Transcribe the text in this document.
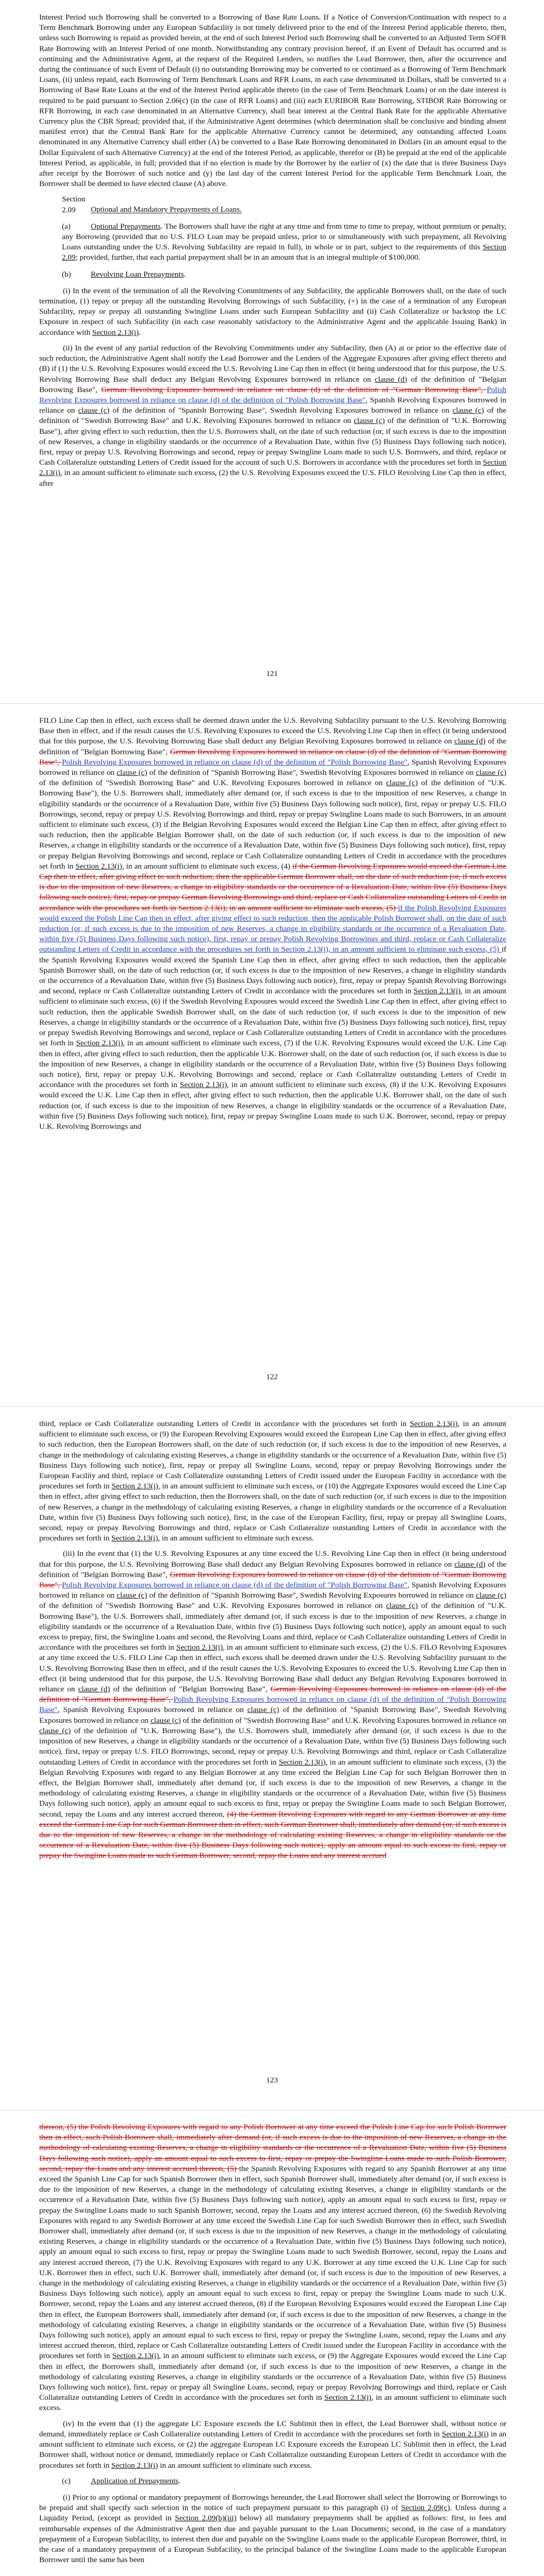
Interest Period such Borrowing shall be converted to a Borrowing of Base Rate Loans. If a Notice of Conversion/Continuation with respect to a Term Benchmark Borrowing under any European Subfacility is not timely delivered prior to the end of the Interest Period applicable thereto, then, unless such Borrowing is repaid as provided herein, at the end of such Interest Period such Borrowing shall be converted to an Adjusted Term SOFR Rate Borrowing with an Interest Period of one month. Notwithstanding any contrary provision hereof, if an Event of Default has occurred and is continuing and the Administrative Agent, at the request of the Required Lenders, so notifies the Lead Borrower, then, after the occurrence and during the continuance of such Event of Default (i) no outstanding Borrowing may be converted to or continued as a Borrowing of Term Benchmark Loans, (ii) unless repaid, each Borrowing of Term Benchmark Loans and RFR Loans, in each case denominated in Dollars, shall be converted to a Borrowing of Base Rate Loans at the end of the Interest Period applicable thereto (in the case of Term Benchmark Loans) or on the date interest is required to be paid pursuant to Section 2.06(c) (in the case of RFR Loans) and (iii) each EURIBOR Rate Borrowing, STIBOR Rate Borrowing or RFR Borrowing, in each case denominated in an Alternative Currency, shall bear interest at the Central Bank Rate for the applicable Alternative Currency plus the CBR Spread; provided that, if the Administrative Agent determines (which determination shall be conclusive and binding absent manifest error) that the Central Bank Rate for the applicable Alternative Currency cannot be determined, any outstanding affected Loans denominated in any Alternative Currency shall either (A) be converted to a Base Rate Borrowing denominated in Dollars (in an amount equal to the Dollar Equivalent of such Alternative Currency) at the end of the Interest Period, as applicable, therefor or (B) be prepaid at the end of the applicable Interest Period, as applicable, in full; provided that if no election is made by the Borrower by the earlier of (x) the date that is three Business Days after receipt by the Borrower of such notice and (y) the last day of the current Interest Period for the applicable Term Benchmark Loan, the Borrower shall be deemed to have elected clause (A) above.

Section 2.09 Optional and Mandatory Prepayments of Loans.

(a)	Optional Prepayments. The Borrowers shall have the right at any time and from time to time to prepay, without premium or penalty, any Borrowing (provided that no U.S. FILO Loan may be prepaid unless, prior to or simultaneously with such prepayment, all Revolving Loans outstanding under the U.S. Revolving Subfacility are repaid in full), in whole or in part, subject to the requirements of this Section 2.09; provided, further, that each partial prepayment shall be in an amount that is an integral multiple of $100,000.

(b)	Revolving Loan Prepayments.

(i) In the event of the termination of all the Revolving Commitments of any Subfacility, the applicable Borrowers shall, on the date of such termination, (1) repay or prepay all the outstanding Revolving Borrowings of such Subfacility, (+) in the case of a termination of any European Subfacility, repay or prepay all outstanding Swingline Loans under such European Subfacility and (ii) Cash Collateralize or backstop the LC Exposure in respect of such Subfacility (in each case reasonably satisfactory to the Administrative Agent and the applicable Issuing Bank) in accordance with Section 2.13(i).

(ii) In the event of any partial reduction of the Revolving Commitments under any Subfacility, then (A) at or prior to the effective date of such reduction, the Administrative Agent shall notify the Lead Borrower and the Lenders of the Aggregate Exposures after giving effect thereto and (B) if (1) the U.S. Revolving Exposures would exceed the U.S. Revolving Line Cap then in effect (it being understood that for this purpose, the U.S. Revolving Borrowing Base shall deduct any Belgian Revolving Exposures borrowed in reliance on clause (d) of the definition of "Belgian Borrowing Base", German Revolving Exposures borrowed in reliance on clause (d) of the definition of "German Borrowing Base", Polish Revolving Exposures borrowed in reliance on clause (d) of the definition of "Polish Borrowing Base", Spanish Revolving Exposures borrowed in reliance on clause (c) of the definition of "Spanish Borrowing Base", Swedish Revolving Exposures borrowed in reliance on clause (c) of the definition of "Swedish Borrowing Base" and U.K. Revolving Exposures borrowed in reliance on clause (c) of the definition of "U.K. Borrowing Base"), after giving effect to such reduction, then the U.S. Borrowers shall, on the date of such reduction (or, if such excess is due to the imposition of new Reserves, a change in eligibility standards or the occurrence of a Revaluation Date, within five (5) Business Days following such notice), first, repay or prepay U.S. Revolving Borrowings and second, repay or prepay Swingline Loans made to such U.S. Borrowers, and third, replace or Cash Collateralize outstanding Letters of Credit issued for the account of such U.S. Borrowers in accordance with the procedures set forth in Section 2.13(i), in an amount sufficient to eliminate such excess, (2) the U.S. Revolving Exposures exceed the U.S. FILO Revolving Line Cap then in effect, after

121

FILO Line Cap then in effect, such excess shall be deemed drawn under the U.S. Revolving Subfacility pursuant to the U.S. Revolving Borrowing Base then in effect, and if the result causes the U.S. Revolving Exposures to exceed the U.S. Revolving Line Cap then in effect (it being understood that for this purpose, the U.S. Revolving Borrowing Base shall deduct any Belgian Revolving Exposures borrowed in reliance on clause (d) of the definition of "Belgian Borrowing Base", German Revolving Exposures borrowed in reliance on clause (d) of the definition of "German Borrowing Base", Polish Revolving Exposures borrowed in reliance on clause (d) of the definition of "Polish Borrowing Base", Spanish Revolving Exposures borrowed in reliance on clause (c) of the definition of "Spanish Borrowing Base", Swedish Revolving Exposures borrowed in reliance on clause (c) of the definition of "Swedish Borrowing Base" and U.K. Revolving Exposures borrowed in reliance on clause (c) of the definition of "U.K. Borrowing Base"), the U.S. Borrowers shall, immediately after demand (or, if such excess is due to the imposition of new Reserves, a change in eligibility standards or the occurrence of a Revaluation Date, within five (5) Business Days following such notice), first, repay or prepay U.S. FILO Borrowings, second, repay or prepay U.S. Revolving Borrowings and third, repay or prepay Swingline Loans made to such Borrowers, in an amount sufficient to eliminate such excess, (3) if the Belgian Revolving Exposures would exceed the Belgian Line Cap then in effect, after giving effect to such reduction, then the applicable Belgian Borrower shall, on the date of such reduction (or, if such excess is due to the imposition of new Reserves, a change in eligibility standards or the occurrence of a Revaluation Date, within five (5) Business Days following such notice), first, repay or prepay Belgian Revolving Borrowings and second, replace or Cash Collateralize outstanding Letters of Credit in accordance with the procedures set forth in Section 2.13(i), in an amount sufficient to eliminate such excess, (4) if the German Revolving Exposures would exceed the German Line Cap then in effect, after giving effect to such reduction, then the applicable German Borrower shall, on the date of such reduction (or, if such excess is due to the imposition of new Reserves, a change in eligibility standards or the occurrence of a Revaluation Date, within five (5) Business Days following such notice), first, repay or prepay German Revolving Borrowings and third, replace or Cash Collateralize outstanding Letters of Credit in accordance with the procedures set forth in Section 2.13(i), in an amount sufficient to eliminate such excess, (5) if the Polish Revolving Exposures would exceed the Polish Line Cap then in effect, after giving effect to such reduction, then the applicable Polish Borrower shall, on the date of such reduction (or, if such excess is due to the imposition of new Reserves, a change in eligibility standards or the occurrence of a Revaluation Date, within five (5) Business Days following such notice), first, repay or prepay Polish Revolving Borrowings and third, replace or Cash Collateralize outstanding Letters of Credit in accordance with the procedures set forth in Section 2.13(i), in an amount sufficient to eliminate such excess, (5) if the Spanish Revolving Exposures would exceed the Spanish Line Cap then in effect, after giving effect to such reduction, then the applicable Spanish Borrower shall, on the date of such reduction (or, if such excess is due to the imposition of new Reserves, a change in eligibility standards or the occurrence of a Revaluation Date, within five (5) Business Days following such notice), first, repay or prepay Spanish Revolving Borrowings and second, replace or Cash Collateralize outstanding Letters of Credit in accordance with the procedures set forth in Section 2.13(i), in an amount sufficient to eliminate such excess, (6) if the Swedish Revolving Exposures would exceed the Swedish Line Cap then in effect, after giving effect to such reduction, then the applicable Swedish Borrower shall, on the date of such reduction (or, if such excess is due to the imposition of new Reserves, a change in eligibility standards or the occurrence of a Revaluation Date, within five (5) Business Days following such notice), first, repay or prepay Swedish Revolving Borrowings and second, replace or Cash Collateralize outstanding Letters of Credit in accordance with the procedures set forth in Section 2.13(i), in an amount sufficient to eliminate such excess, (7) if the U.K. Revolving Exposures would exceed the U.K. Line Cap then in effect, after giving effect to such reduction, then the applicable U.K. Borrower shall, on the date of such reduction (or, if such excess is due to the imposition of new Reserves, a change in eligibility standards or the occurrence of a Revaluation Date, within five (5) Business Days following such notice), first, repay or prepay U.K. Revolving Borrowings and second, replace or Cash Collateralize outstanding Letters of Credit in accordance with the procedures set forth in Section 2.13(i), in an amount sufficient to eliminate such excess, (8) if the U.K. Revolving Exposures would exceed the U.K. Line Cap then in effect, after giving effect to such reduction, then the applicable U.K. Borrower shall, on the date of such reduction (or, if such excess is due to the imposition of new Reserves, a change in eligibility standards or the occurrence of a Revaluation Date, within five (5) Business Days following such notice), first, repay or prepay Swingline Loans made to such U.K. Borrower, second, repay or prepay U.K. Revolving Borrowings and

122

third, replace or Cash Collateralize outstanding Letters of Credit in accordance with the procedures set forth in Section 2.13(i), in an amount sufficient to eliminate such excess, or (9) the European Revolving Exposures would exceed the European Line Cap then in effect, after giving effect to such reduction, then the European Borrowers shall, on the date of such reduction (or, if such excess is due to the imposition of new Reserves, a change in the methodology of calculating existing Reserves, a change in eligibility standards or the occurrence of a Revaluation Date, within five (5) Business Days following such notice), first, repay or prepay all Swingline Loans, second, repay or prepay Revolving Borrowings under the European Facility and third, replace or Cash Collateralize outstanding Letters of Credit issued under the European Facility in accordance with the procedures set forth in Section 2.13(i), in an amount sufficient to eliminate such excess, or (10) the Aggregate Exposures would exceed the Line Cap then in effect, after giving effect to such reduction, then the Borrowers shall, on the date of such reduction (or, if such excess is due to the imposition of new Reserves, a change in the methodology of calculating existing Reserves, a change in eligibility standards or the occurrence of a Revaluation Date, within five (5) Business Days following such notice), first, in the case of the European Facility, first, repay or prepay all Swingline Loans, second, repay or prepay Revolving Borrowings and third, replace or Cash Collateralize outstanding Letters of Credit in accordance with the procedures set forth in Section 2.13(i), in an amount sufficient to eliminate such excess.

(iii) In the event that (1) the U.S. Revolving Exposures at any time exceed the U.S. Revolving Line Cap then in effect (it being understood that for this purpose, the U.S. Revolving Borrowing Base shall deduct any Belgian Revolving Exposures borrowed in reliance on clause (d) of the definition of "Belgian Borrowing Base", German Revolving Exposures borrowed in reliance on clause (d) of the definition of "German Borrowing Base", Polish Revolving Exposures borrowed in reliance on clause (d) of the definition of "Polish Borrowing Base", Spanish Revolving Exposures borrowed in reliance on clause (c) of the definition of "Spanish Borrowing Base", Swedish Revolving Exposures borrowed in reliance on clause (c) of the definition of "Swedish Borrowing Base" and U.K. Revolving Exposures borrowed in reliance on clause (c) of the definition of "U.K. Borrowing Base"), the U.S. Borrowers shall, immediately after demand (or, if such excess is due to the imposition of new Reserves, a change in eligibility standards or the occurrence of a Revaluation Date, within five (5) Business Days following such notice), apply an amount equal to such excess to prepay, first, the Swingline Loans and second, the Revolving Loans and third, replace or Cash Collateralize outstanding Letters of Credit in accordance with the procedures set forth in Section 2.13(i), in an amount sufficient to eliminate such excess, (2) the U.S. FILO Revolving Exposures at any time exceed the U.S. FILO Line Cap then in effect, such excess shall be deemed drawn under the U.S. Revolving Subfacility pursuant to the U.S. Revolving Borrowing Base then in effect, and if the result causes the U.S. Revolving Exposures to exceed the U.S. Revolving Line Cap then in effect (it being understood that for this purpose, the U.S. Revolving Borrowing Base shall deduct any Belgian Revolving Exposures borrowed in reliance on clause (d) of the definition of "Belgian Borrowing Base", German Revolving Exposures borrowed in reliance on clause (d) of the definition of "German Borrowing Base", Polish Revolving Exposures borrowed in reliance on clause (d) of the definition of "Polish Borrowing Base", Spanish Revolving Exposures borrowed in reliance on clause (c) of the definition of "Spanish Borrowing Base", Swedish Revolving Exposures borrowed in reliance on clause (c) of the definition of "Swedish Borrowing Base" and U.K. Revolving Exposures borrowed in reliance on clause (c) of the definition of "U.K. Borrowing Base"), the U.S. Borrowers shall, immediately after demand (or, if such excess is due to the imposition of new Reserves, a change in eligibility standards or the occurrence of a Revaluation Date, within five (5) Business Days following such notice), first, repay or prepay U.S. FILO Borrowings, second, repay or prepay U.S. Revolving Borrowings and third, replace or Cash Collateralize outstanding Letters of Credit in accordance with the procedures set forth in Section 2.13(i), in an amount sufficient to eliminate such excess, (3) the Belgian Revolving Exposures with regard to any Belgian Borrower at any time exceed the Belgian Line Cap for such Belgian Borrower then in effect, the Belgian Borrower shall, immediately after demand (or, if such excess is due to the imposition of new Reserves, a change in the methodology of calculating existing Reserves, a change in eligibility standards or the occurrence of a Revaluation Date, within five (5) Business Days following such notice), apply an amount equal to such excess to first, repay or prepay the Swingline Loans made to such Belgian Borrower, second, repay the Loans and any interest accrued thereon, (4) the German Revolving Exposures with regard to any German Borrower at any time exceed the German Line Cap for such German Borrower then in effect, such German Borrower shall, immediately after demand (or, if such excess is due to the imposition of new Reserves, a change in the methodology of calculating existing Reserves, a change in eligibility standards or the occurrence of a Revaluation Date, within five (5) Business Days following such notice), apply an amount equal to such excess to first, repay or prepay the Swingline Loans made to such German Borrower, second, repay the Loans and any interest accrued

123

thereon, (5) the Polish Revolving Exposures with regard to any Polish Borrower at any time exceed the Polish Line Cap for such Polish Borrower then in effect, such Polish Borrower shall, immediately after demand (or, if such excess is due to the imposition of new Reserves, a change in the methodology of calculating existing Reserves, a change in eligibility standards or the occurrence of a Revaluation Date, within five (5) Business Days following such notice), apply an amount equal to such excess to first, repay or prepay the Swingline Loans made to such Polish Borrower, second, repay the Loans and any interest accrued thereon, (5) the Spanish Revolving Exposures with regard to any Spanish Borrower at any time exceed the Spanish Line Cap for such Spanish Borrower then in effect, such Spanish Borrower shall, immediately after demand (or, if such excess is due to the imposition of new Reserves, a change in the methodology of calculating existing Reserves, a change in eligibility standards or the occurrence of a Revaluation Date, within five (5) Business Days following such notice), apply an amount equal to such excess to first, repay or prepay the Swingline Loans made to such Spanish Borrower, second, repay the Loans and any interest accrued thereon, (6) the Swedish Revolving Exposures with regard to any Swedish Borrower at any time exceed the Swedish Line Cap for such Swedish Borrower then in effect, such Swedish Borrower shall, immediately after demand (or, if such excess is due to the imposition of new Reserves, a change in the methodology of calculating existing Reserves, a change in eligibility standards or the occurrence of a Revaluation Date, within five (5) Business Days following such notice), apply an amount equal to such excess to first, repay or prepay the Swingline Loans made to such Swedish Borrower, second, repay the Loans and any interest accrued thereon, (7) the U.K. Revolving Exposures with regard to any U.K. Borrower at any time exceed the U.K. Line Cap for such U.K. Borrower then in effect, such U.K. Borrower shall, immediately after demand (or, if such excess is due to the imposition of new Reserves, a change in the methodology of calculating existing Reserves, a change in eligibility standards or the occurrence of a Revaluation Date, within five (5) Business Days following such notice), apply an amount equal to such excess to first, repay or prepay the Swingline Loans made to such U.K. Borrower, second, repay the Loans and any interest accrued thereon, (8) if the European Revolving Exposures would exceed the European Line Cap then in effect, the European Borrowers shall, immediately after demand (or, if such excess is due to the imposition of new Reserves, a change in the methodology of calculating existing Reserves, a change in eligibility standards or the occurrence of a Revaluation Date, within five (5) Business Days following such notice), apply an amount equal to such excess to first, repay or prepay the Swingline Loans, second, repay the Loans and any interest accrued thereon, third, replace or Cash Collateralize outstanding Letters of Credit issued under the European Facility in accordance with the procedures set forth in Section 2.13(i), in an amount sufficient to eliminate such excess, or (9) the Aggregate Exposures would exceed the Line Cap then in effect, the Borrowers shall, immediately after demand (or, if such excess is due to the imposition of new Reserves, a change in the methodology of calculating existing Reserves, a change in eligibility standards or the occurrence of a Revaluation Date, within five (5) Business Days following such notice), first, repay or prepay all Swingline Loans, second, repay or prepay Revolving Borrowings and third, replace or Cash Collateralize outstanding Letters of Credit in accordance with the procedures set forth in Section 2.13(i), in an amount sufficient to eliminate such excess.

(iv) In the event that (1) the aggregate LC Exposure exceeds the LC Sublimit then in effect, the Lead Borrower shall, without notice or demand, immediately replace or Cash Collateralize outstanding Letters of Credit in accordance with the procedures set forth in Section 2.13(i) in an amount sufficient to eliminate such excess, or (2) the aggregate European LC Exposure exceeds the European LC Sublimit then in effect, the Lead Borrower shall, without notice or demand, immediately replace or Cash Collateralize outstanding European Letters of Credit in accordance with the procedures set forth in Section 2.13(i) in an amount sufficient to eliminate such excess.

(c)	Application of Prepayments.

(i) Prior to any optional or mandatory prepayment of Borrowings hereunder, the Lead Borrower shall select the Borrowing or Borrowings to be prepaid and shall specify such selection in the notice of such prepayment pursuant to this paragraph (i) of Section 2.09(c). Unless during a Liquidity Period, (except as provided in Section 2.09(b)(iii) below) all mandatory prepayments shall be applied as follows: first, to fees and reimbursable expenses of the Administrative Agent then due and payable pursuant to the Loan Documents; second, in the case of a mandatory prepayment of a European Subfacility, to interest then due and payable on the Swingline Loans made to the applicable European Borrower, third, in the case of a mandatory prepayment of a European Subfacility, to the principal balance of the Swingline Loans made to the applicable European Borrower until the same has been
